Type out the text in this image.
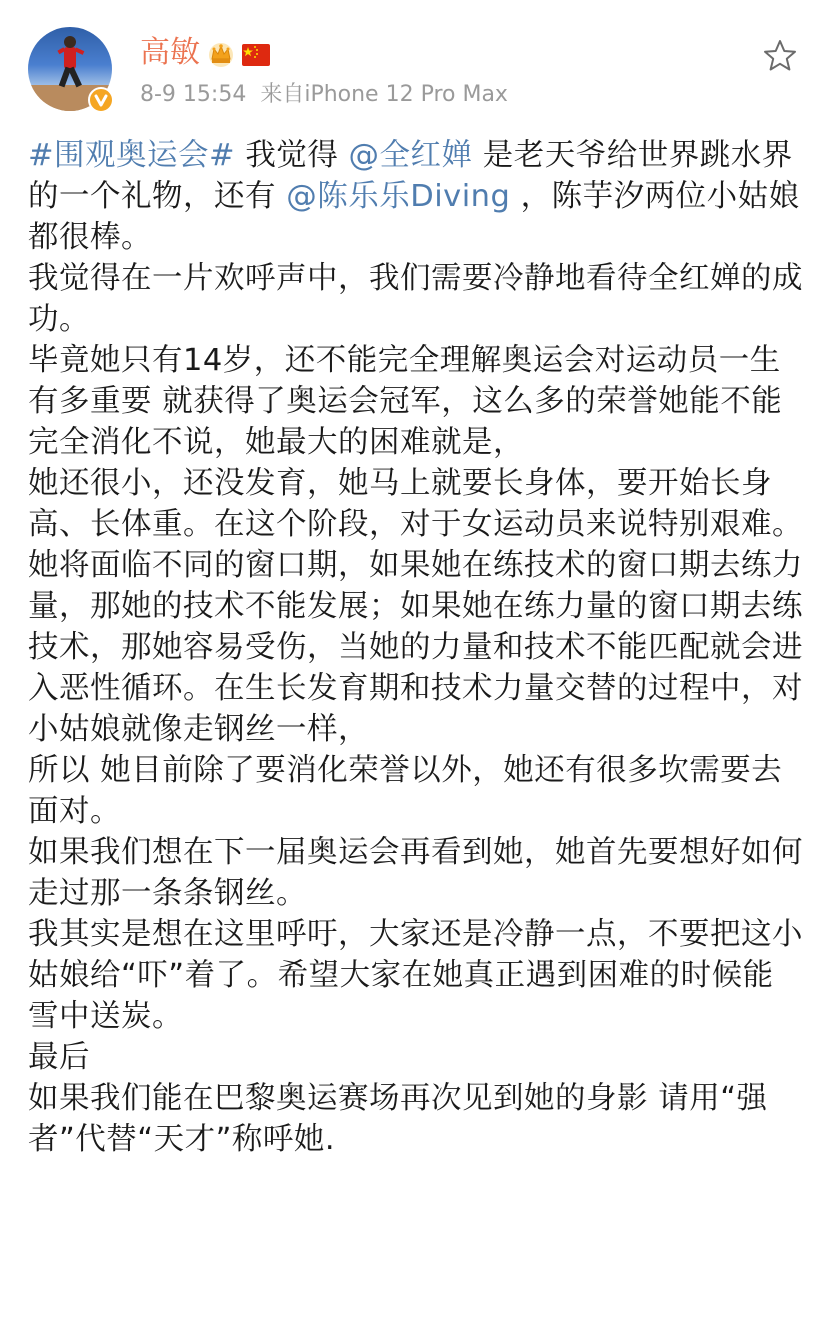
高敏
8-9 15:54 来自iPhone 12 Pro Max

#围观奥运会# 我觉得 @全红婵 是老天爷给世界跳水界的一个礼物，还有 @陈乐乐Diving ，陈芋汐两位小姑娘都很棒。

我觉得在一片欢呼声中，我们需要冷静地看待全红婵的成功。

毕竟她只有14岁，还不能完全理解奥运会对运动员一生有多重要 就获得了奥运会冠军，这么多的荣誉她能不能完全消化不说，她最大的困难就是，

她还很小，还没发育，她马上就要长身体，要开始长身高、长体重。在这个阶段，对于女运动员来说特别艰难。

她将面临不同的窗口期，如果她在练技术的窗口期去练力量，那她的技术不能发展；如果她在练力量的窗口期去练技术，那她容易受伤，当她的力量和技术不能匹配就会进入恶性循环。在生长发育期和技术力量交替的过程中，对小姑娘就像走钢丝一样，

所以 她目前除了要消化荣誉以外，她还有很多坎需要去面对。

如果我们想在下一届奥运会再看到她，她首先要想好如何走过那一条条钢丝。

我其实是想在这里呼吁，大家还是冷静一点，不要把这小姑娘给“吓”着了。希望大家在她真正遇到困难的时候能雪中送炭。

最后

如果我们能在巴黎奥运赛场再次见到她的身影 请用“强者”代替“天才”称呼她.
